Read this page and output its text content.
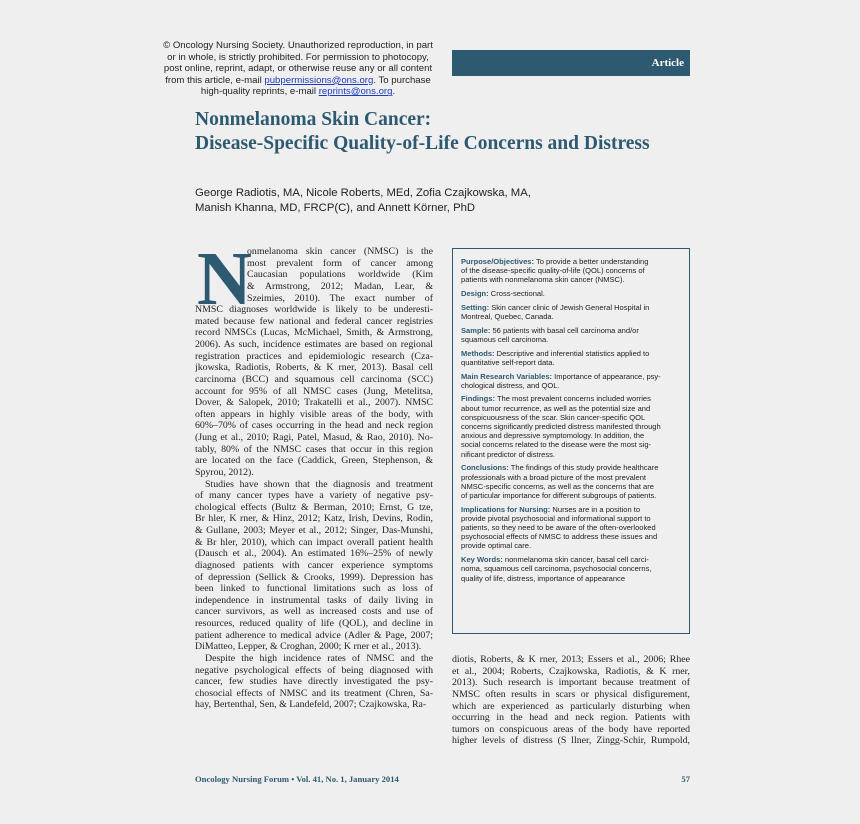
© Oncology Nursing Society. Unauthorized reproduction, in part
or in whole, is strictly prohibited. For permission to photocopy,
post online, reprint, adapt, or otherwise reuse any or all content
from this article, e-mail pubpermissions@ons.org. To purchase
high-quality reprints, e-mail reprints@ons.org.
Article
Nonmelanoma Skin Cancer:
Disease-Specific Quality-of-Life Concerns and Distress
George Radiotis, MA, Nicole Roberts, MEd, Zofia Czajkowska, MA,
Manish Khanna, MD, FRCP(C), and Annett Körner, PhD
N
onmelanoma skin cancer (NMSC) is the
most prevalent form of cancer among
Caucasian populations worldwide (Kim
& Armstrong, 2012; Madan, Lear, &
Szeimies, 2010). The exact number of
NMSC diagnoses worldwide is likely to be underesti-
mated because few national and federal cancer registries
record NMSCs (Lucas, McMichael, Smith, & Armstrong,
2006). As such, incidence estimates are based on regional
registration practices and epidemiologic research (Cza-
jkowska, Radiotis, Roberts, & K rner, 2013). Basal cell
carcinoma (BCC) and squamous cell carcinoma (SCC)
account for 95% of all NMSC cases (Jung, Metelitsa,
Dover, & Salopek, 2010; Trakatelli et al., 2007). NMSC
often appears in highly visible areas of the body, with
60%–70% of cases occurring in the head and neck region
(Jung et al., 2010; Ragi, Patel, Masud, & Rao, 2010). No-
tably, 80% of the NMSC cases that occur in this region
are located on the face (Caddick, Green, Stephenson, &
Spyrou, 2012).
Studies have shown that the diagnosis and treatment
of many cancer types have a variety of negative psy-
chological effects (Bultz & Berman, 2010; Ernst, G tze,
Br hler, K rner, & Hinz, 2012; Katz, Irish, Devins, Rodin,
& Gullane, 2003; Meyer et al., 2012; Singer, Das-Munshi,
& Br hler, 2010), which can impact overall patient health
(Dausch et al., 2004). An estimated 16%–25% of newly
diagnosed patients with cancer experience symptoms
of depression (Sellick & Crooks, 1999). Depression has
been linked to functional limitations such as loss of
independence in instrumental tasks of daily living in
cancer survivors, as well as increased costs and use of
resources, reduced quality of life (QOL), and decline in
patient adherence to medical advice (Adler & Page, 2007;
DiMatteo, Lepper, & Croghan, 2000; K rner et al., 2013).
Despite the high incidence rates of NMSC and the
negative psychological effects of being diagnosed with
cancer, few studies have directly investigated the psy-
chosocial effects of NMSC and its treatment (Chren, Sa-
hay, Bertenthal, Sen, & Landefeld, 2007; Czajkowska, Ra-
Purpose/Objectives: To provide a better understanding
of the disease-specific quality-of-life (QOL) concerns of
patients with nonmelanoma skin cancer (NMSC).
Design: Cross-sectional.
Setting: Skin cancer clinic of Jewish General Hospital in
Montreal, Quebec, Canada.
Sample: 56 patients with basal cell carcinoma and/or
squamous cell carcinoma.
Methods: Descriptive and inferential statistics applied to
quantitative self-report data.
Main Research Variables: Importance of appearance, psy-
chological distress, and QOL.
Findings: The most prevalent concerns included worries
about tumor recurrence, as well as the potential size and
conspicuousness of the scar. Skin cancer-specific QOL
concerns significantly predicted distress manifested through
anxious and depressive symptomology. In addition, the
social concerns related to the disease were the most sig-
nificant predictor of distress.
Conclusions: The findings of this study provide healthcare
professionals with a broad picture of the most prevalent
NMSC-specific concerns, as well as the concerns that are
of particular importance for different subgroups of patients.
Implications for Nursing: Nurses are in a position to
provide pivotal psychosocial and informational support to
patients, so they need to be aware of the often-overlooked
psychosocial effects of NMSC to address these issues and
provide optimal care.
Key Words: nonmelanoma skin cancer, basal cell carci-
noma, squamous cell carcinoma, psychosocial concerns,
quality of life, distress, importance of appearance
diotis, Roberts, & K rner, 2013; Essers et al., 2006; Rhee
et al., 2004; Roberts, Czajkowska, Radiotis, & K rner,
2013). Such research is important because treatment of
NMSC often results in scars or physical disfigurement,
which are experienced as particularly disturbing when
occurring in the head and neck region. Patients with
tumors on conspicuous areas of the body have reported
higher levels of distress (S llner, Zingg-Schir, Rumpold,
Oncology Nursing Forum • Vol. 41, No. 1, January 2014	57
